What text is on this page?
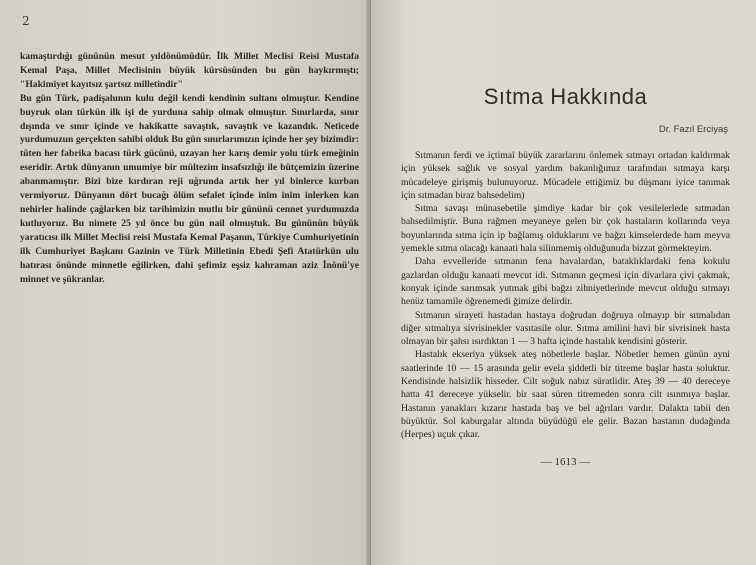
2

kamaştırdığı gününün mesut yıldönümüdür. İlk Millet Meclisi Reisi Mustafa Kemal Paşa, Millet Meclisinin büyük kürsüsünden bu gün haykırmıştı; "Hakimiyet kayıtsız şartsız milletindir"

Bu gün Türk, padişahının kulu değil kendi kendinin sultanı olmuştur. Kendine buyruk olan türkün ilk işi de yurduna sahip olmak olmuştur. Sınırlarda, sınır dışında ve sınır içinde ve hakikatte savaştık, savaştık ve kazandık. Neticede yurdumuzun gerçekten sahibi olduk Bu gün sınırlarımızın içinde her şey bizimdir: tüten her fabrika bacası türk gücünü, uzayan her karış demir yolu türk emeğinin eseridir. Artık dünyanın umumiye bir mültezim insafsızlığı ile bütçemizin üzerine abanmamıştır. Bizi bize kırdıran reji uğrunda artık her yıl binlerce kurban vermiyoruz. Dünyanın dört bucağı ölüm sefalet içinde inim inim inlerken kan nehirler halinde çağlarken biz tarihimizin mutlu bir gününü cennet yurdumuzda kutluyoruz. Bu nimete 25 yıl önce bu gün nail olmuştuk. Bu gününün büyük yaratıcısı ilk Millet Meclisi reisi Mustafa Kemal Paşanın, Türkiye Cumhuriyetinin ilk Cumhuriyet Başkanı Gazinin ve Türk Milletinin Ebedi Şefi Atatürkün ulu hatırası önünde minnetle eğilirken, dahi şefimiz eşsiz kahraman aziz İnönü'ye minnet ve şükranlar.

Sıtma Hakkında
Dr. Fazıl Erciyaş

Sıtmanın ferdi ve içtimaî büyük zararlarını önlemek sıtmayı ortadan kaldırmak için yüksek sağlık ve sosyal yardım bakanlığımız tarafından sıtmaya karşı mücadeleye girişmiş bulunuyoruz. Mücadele ettiğimiz bu düşmanı iyice tanımak için sıtmadan biraz bahsedelim)

Sıtma savaşı münasebetile şimdiye kadar bir çok vesilelerlede sıtmadan bahsedilmiştir. Buna rağmen meyaneye gelen bir çok hastaların kollarında veya boyunlarında sıtma için ip bağlamış olduklarını ve bağzı kimselerdede ham meyva yemekle sıtma olacağı kanaati hala silinmemiş olduğunuda bizzat görmekteyim.

Daha evvelleride sıtmanın fena havalardan, bataklıklardaki fena kokulu gazlardan olduğu kanaati mevcut idi. Sıtmanın geçmesi için divarlara çivi çakmak, konyak içinde sarımsak yutmak gibi bağzı zihniyetlerinde mevcut olduğu sıtmayı henüz tamamile öğrenemedi ğimize delirdir.

Sıtmanın sirayeti hastadan hastaya doğrudan doğruya olmayıp bir sıtmalıdan diğer sıtmalıya sivrisinekler vasıtasile olur. Sıtma amilini havi bir sivrisinek hasta olmayan bir şahsı ısırdıktan 1 — 3 hafta içinde hastalık kendisini gösterir.

Hastalık ekseriya yüksek ateş nöbetlerle başlar. Nöbetler hemen günün ayni saatlerinde 10 — 15 arasında gelir evela şiddetli bir titreme başlar hasta soluktur. Kendisinde halsizlik hisseder. Cilt soğuk nabız süratlidir. Ateş 39 — 40 dereceye hatta 41 dereceye yükselir. bir saat süren titremeden sonra cilt ısınmıya başlar. Hastanın yanakları kızarır hastada baş ve bel ağrıları vardır. Dalakta tabii den büyüktür. Sol kaburgalar altında büyüdüğü ele gelir. Bazan hastanın dudağında (Herpes) uçuk çıkar.

— 1613 —
